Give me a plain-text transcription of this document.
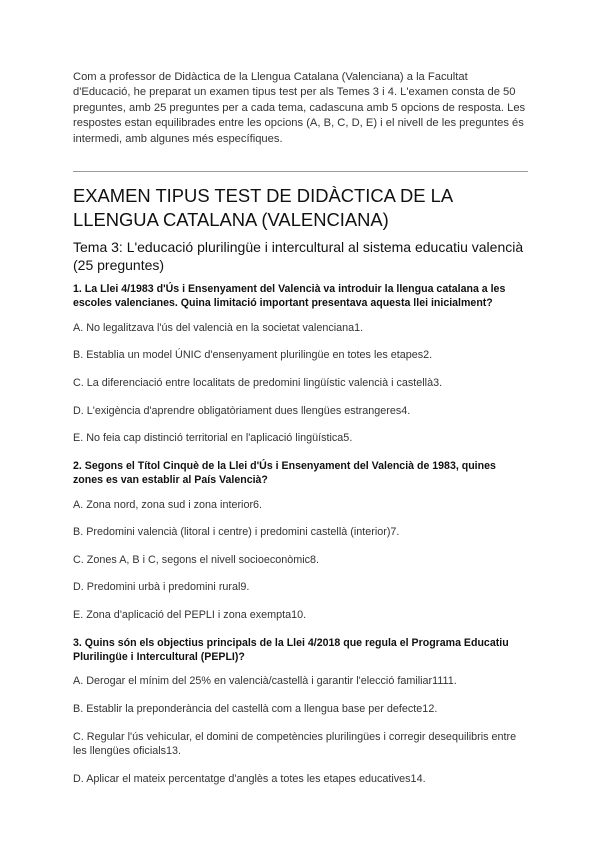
Com a professor de Didàctica de la Llengua Catalana (Valenciana) a la Facultat d'Educació, he preparat un examen tipus test per als Temes 3 i 4. L'examen consta de 50 preguntes, amb 25 preguntes per a cada tema, cadascuna amb 5 opcions de resposta. Les respostes estan equilibrades entre les opcions (A, B, C, D, E) i el nivell de les preguntes és intermedi, amb algunes més específiques.

EXAMEN TIPUS TEST DE DIDÀCTICA DE LA LLENGUA CATALANA (VALENCIANA)
Tema 3: L'educació plurilingüe i intercultural al sistema educatiu valencià (25 preguntes)

1. La Llei 4/1983 d'Ús i Ensenyament del Valencià va introduir la llengua catalana a les escoles valencianes. Quina limitació important presentava aquesta llei inicialment?

A. No legalitzava l'ús del valencià en la societat valenciana1.

B. Establia un model ÚNIC d'ensenyament plurilingüe en totes les etapes2.

C. La diferenciació entre localitats de predomini lingüístic valencià i castellà3.

D. L'exigència d'aprendre obligatòriament dues llengües estrangeres4.

E. No feia cap distinció territorial en l'aplicació lingüística5.

2. Segons el Títol Cinquè de la Llei d'Ús i Ensenyament del Valencià de 1983, quines zones es van establir al País Valencià?

A. Zona nord, zona sud i zona interior6.

B. Predomini valencià (litoral i centre) i predomini castellà (interior)7.

C. Zones A, B i C, segons el nivell socioeconòmic8.

D. Predomini urbà i predomini rural9.

E. Zona d'aplicació del PEPLI i zona exempta10.

3. Quins són els objectius principals de la Llei 4/2018 que regula el Programa Educatiu Plurilingüe i Intercultural (PEPLI)?

A. Derogar el mínim del 25% en valencià/castellà i garantir l'elecció familiar1111.

B. Establir la preponderància del castellà com a llengua base per defecte12.

C. Regular l'ús vehicular, el domini de competències plurilingües i corregir desequilibris entre les llengües oficials13.

D. Aplicar el mateix percentatge d'anglès a totes les etapes educatives14.
